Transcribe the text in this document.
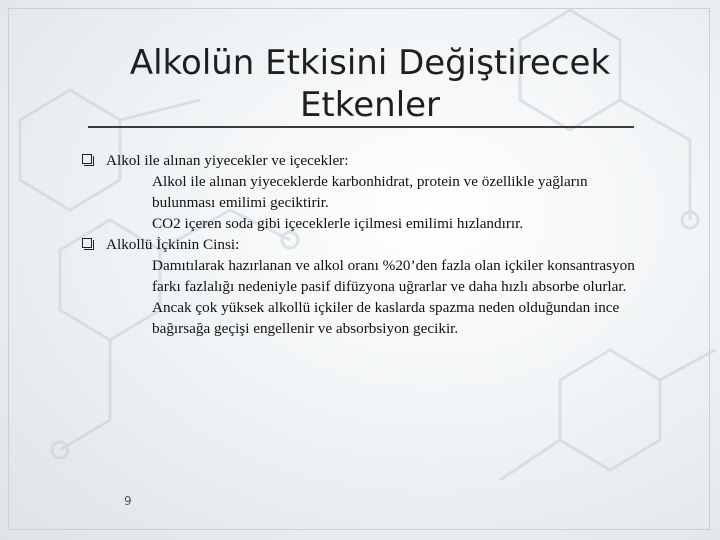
Alkolün Etkisini Değiştirecek
Etkenler
Alkol ile alınan yiyecekler ve içecekler:
Alkol ile alınan yiyeceklerde karbonhidrat, protein ve özellikle yağların bulunması emilimi geciktirir.
CO2 içeren soda gibi içeceklerle içilmesi emilimi hızlandırır.
Alkollü İçkinin Cinsi:
Damıtılarak hazırlanan ve alkol oranı %20’den fazla olan içkiler konsantrasyon farkı fazlalığı nedeniyle pasif difüzyona uğrarlar ve daha hızlı absorbe olurlar.
Ancak çok yüksek alkollü içkiler de kaslarda spazma neden olduğundan ince bağırsağa geçişi engellenir ve absorbsiyon gecikir.
9
